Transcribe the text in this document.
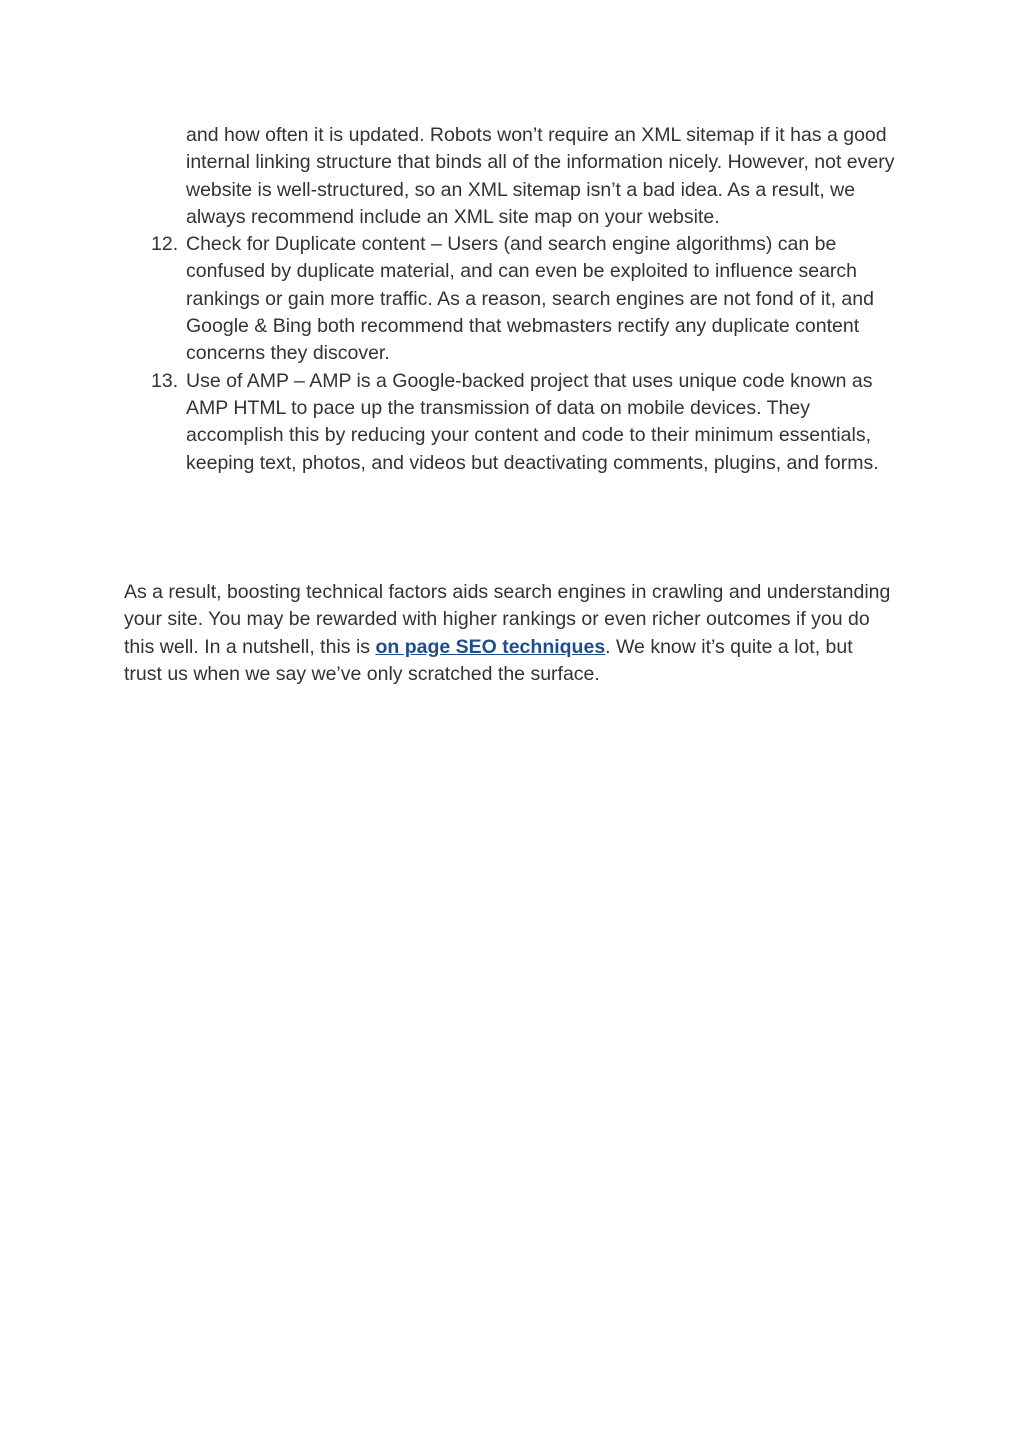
and how often it is updated. Robots won’t require an XML sitemap if it has a good internal linking structure that binds all of the information nicely. However, not every website is well-structured, so an XML sitemap isn’t a bad idea. As a result, we always recommend include an XML site map on your website.
12. Check for Duplicate content – Users (and search engine algorithms) can be confused by duplicate material, and can even be exploited to influence search rankings or gain more traffic. As a reason, search engines are not fond of it, and Google & Bing both recommend that webmasters rectify any duplicate content concerns they discover.
13. Use of AMP – AMP is a Google-backed project that uses unique code known as AMP HTML to pace up the transmission of data on mobile devices. They accomplish this by reducing your content and code to their minimum essentials, keeping text, photos, and videos but deactivating comments, plugins, and forms.

As a result, boosting technical factors aids search engines in crawling and understanding your site. You may be rewarded with higher rankings or even richer outcomes if you do this well. In a nutshell, this is on page SEO techniques. We know it’s quite a lot, but trust us when we say we’ve only scratched the surface.
